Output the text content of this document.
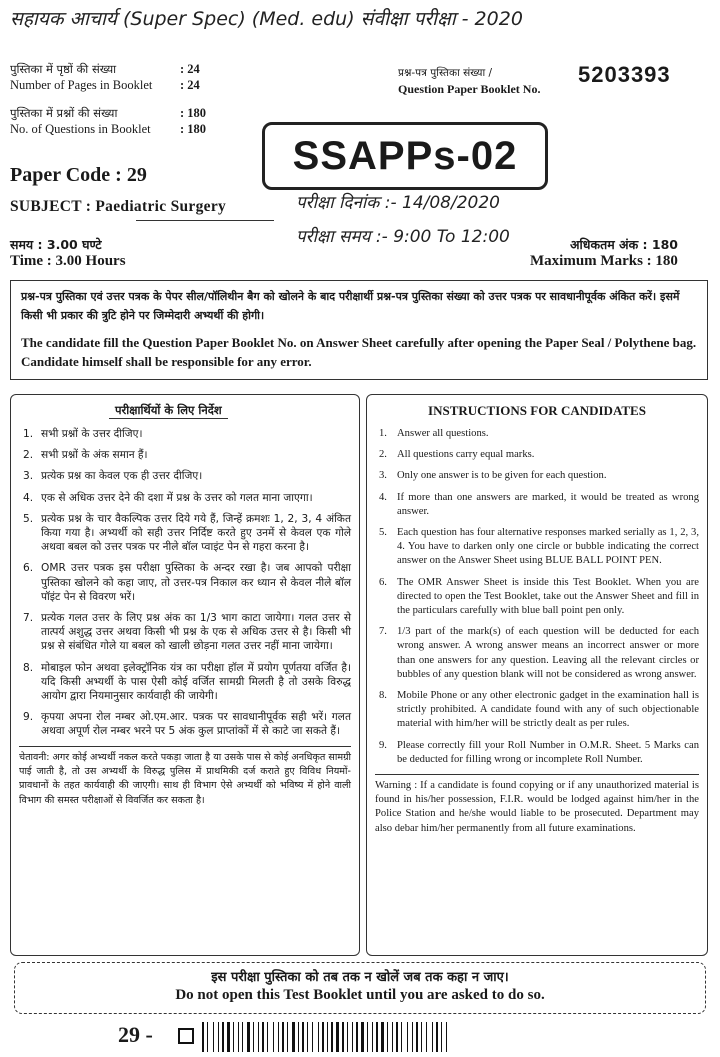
सहायक आचार्य (Super Spec) (Med. edu) संवीक्षा परीक्षा - 2020
पुस्तिका में पृष्ठों की संख्या
Number of Pages in Booklet
: 24
: 24
पुस्तिका में प्रश्नों की संख्या
No. of Questions in Booklet
: 180
: 180
प्रश्न-पत्र पुस्तिका संख्या /
Question Paper Booklet No.
5203393
SSAPPs-02
Paper Code : 29
SUBJECT : Paediatric Surgery	परीक्षा दिनांक :- 14/08/2020
परीक्षा समय :- 9:00 To 12:00
समय : 3.00 घण्टे
Time : 3.00 Hours
अधिकतम अंक : 180
Maximum Marks : 180
प्रश्न-पत्र पुस्तिका एवं उत्तर पत्रक के पेपर सील/पॉलिथीन बैग को खोलने के बाद परीक्षार्थी प्रश्न-पत्र पुस्तिका संख्या को उत्तर पत्रक पर सावधानीपूर्वक अंकित करें। इसमें किसी भी प्रकार की त्रुटि होने पर जिम्मेदारी अभ्यर्थी की होगी।
The candidate fill the Question Paper Booklet No. on Answer Sheet carefully after opening the Paper Seal / Polythene bag. Candidate himself shall be responsible for any error.
परीक्षार्थियों के लिए निर्देश
1. सभी प्रश्नों के उत्तर दीजिए।
2. सभी प्रश्नों के अंक समान हैं।
3. प्रत्येक प्रश्न का केवल एक ही उत्तर दीजिए।
4. एक से अधिक उत्तर देने की दशा में प्रश्न के उत्तर को गलत माना जाएगा।
5. प्रत्येक प्रश्न के चार वैकल्पिक उत्तर दिये गये हैं, जिन्हें क्रमशः 1, 2, 3, 4 अंकित किया गया है। अभ्यर्थी को सही उत्तर निर्दिष्ट करते हुए उनमें से केवल एक गोले अथवा बबल को उत्तर पत्रक पर नीले बॉल प्वाइंट पेन से गहरा करना है।
6. OMR उत्तर पत्रक इस परीक्षा पुस्तिका के अन्दर रखा है। जब आपको परीक्षा पुस्तिका खोलने को कहा जाए, तो उत्तर-पत्र निकाल कर ध्यान से केवल नीले बॉल पॉइंट पेन से विवरण भरें।
7. प्रत्येक गलत उत्तर के लिए प्रश्न अंक का 1/3 भाग काटा जायेगा। गलत उत्तर से तात्पर्य अशुद्ध उत्तर अथवा किसी भी प्रश्न के एक से अधिक उत्तर से है। किसी भी प्रश्न से संबंधित गोले या बबल को खाली छोड़ना गलत उत्तर नहीं माना जायेगा।
8. मोबाइल फोन अथवा इलेक्ट्रॉनिक यंत्र का परीक्षा हॉल में प्रयोग पूर्णतया वर्जित है। यदि किसी अभ्यर्थी के पास ऐसी कोई वर्जित सामग्री मिलती है तो उसके विरुद्ध आयोग द्वारा नियमानुसार कार्यवाही की जायेगी।
9. कृपया अपना रोल नम्बर ओ.एम.आर. पत्रक पर सावधानीपूर्वक सही भरें। गलत अथवा अपूर्ण रोल नम्बर भरने पर 5 अंक कुल प्राप्तांकों में से काटे जा सकते हैं।
चेतावनी: अगर कोई अभ्यर्थी नकल करते पकड़ा जाता है या उसके पास से कोई अनधिकृत सामग्री पाई जाती है, तो उस अभ्यर्थी के विरुद्ध पुलिस में प्राथमिकी दर्ज कराते हुए विविध नियमों-प्रावधानों के तहत कार्यवाही की जाएगी। साथ ही विभाग ऐसे अभ्यर्थी को भविष्य में होने वाली विभाग की समस्त परीक्षाओं से विवर्जित कर सकता है।
INSTRUCTIONS FOR CANDIDATES
1. Answer all questions.
2. All questions carry equal marks.
3. Only one answer is to be given for each question.
4. If more than one answers are marked, it would be treated as wrong answer.
5. Each question has four alternative responses marked serially as 1, 2, 3, 4. You have to darken only one circle or bubble indicating the correct answer on the Answer Sheet using BLUE BALL POINT PEN.
6. The OMR Answer Sheet is inside this Test Booklet. When you are directed to open the Test Booklet, take out the Answer Sheet and fill in the particulars carefully with blue ball point pen only.
7. 1/3 part of the mark(s) of each question will be deducted for each wrong answer. A wrong answer means an incorrect answer or more than one answers for any question. Leaving all the relevant circles or bubbles of any question blank will not be considered as wrong answer.
8. Mobile Phone or any other electronic gadget in the examination hall is strictly prohibited. A candidate found with any of such objectionable material with him/her will be strictly dealt as per rules.
9. Please correctly fill your Roll Number in O.M.R. Sheet. 5 Marks can be deducted for filling wrong or incomplete Roll Number.
Warning : If a candidate is found copying or if any unauthorized material is found in his/her possession, F.I.R. would be lodged against him/her in the Police Station and he/she would liable to be prosecuted. Department may also debar him/her permanently from all future examinations.
इस परीक्षा पुस्तिका को तब तक न खोलें जब तक कहा न जाए।
Do not open this Test Booklet until you are asked to do so.
29 -
